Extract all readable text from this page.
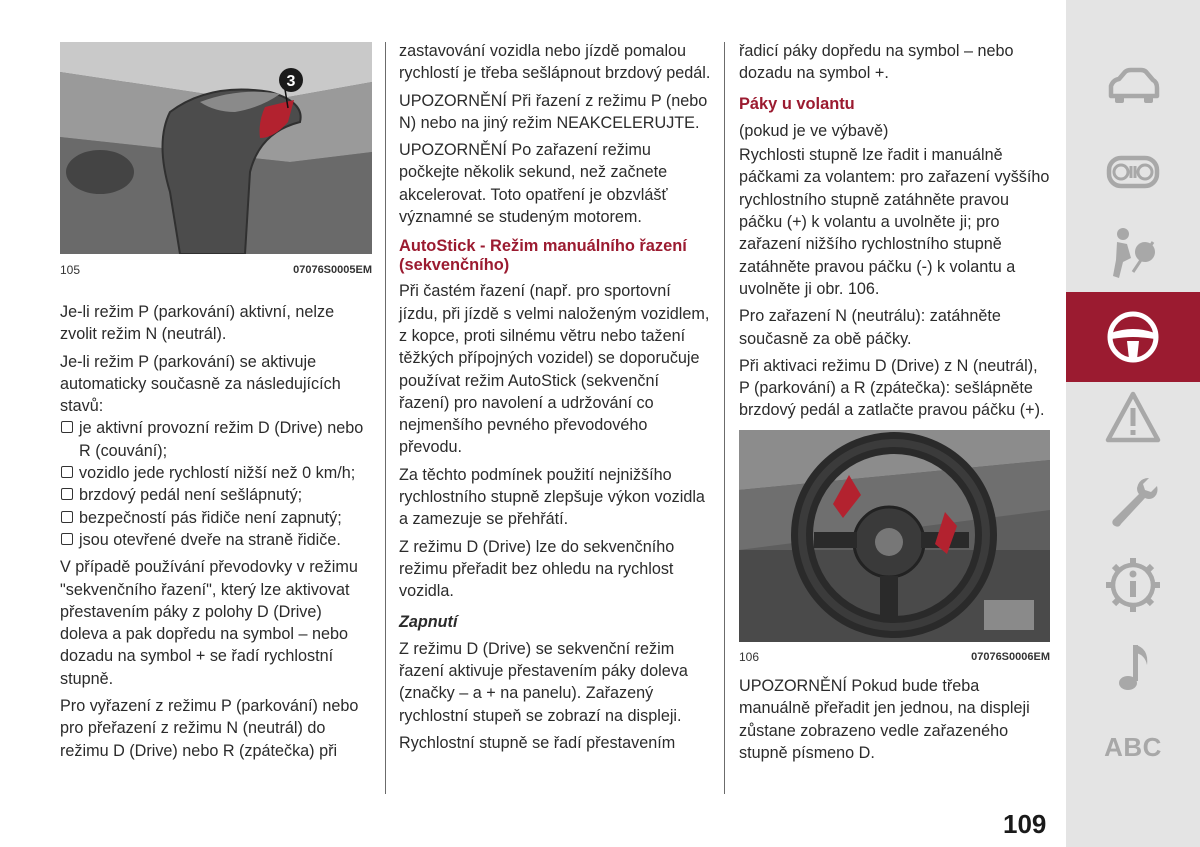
3
105	07076S0005EM

Je-li režim P (parkování) aktivní, nelze zvolit režim N (neutrál).

Je-li režim P (parkování) se aktivuje automaticky současně za následujících stavů:

je aktivní provozní režim D (Drive) nebo R (couvání);
vozidlo jede rychlostí nižší než 0 km/h;
brzdový pedál není sešlápnutý;
bezpečností pás řidiče není zapnutý;
jsou otevřené dveře na straně řidiče.

V případě používání převodovky v režimu "sekvenčního řazení", který lze aktivovat přestavením páky z polohy D (Drive) doleva a pak dopředu na symbol – nebo dozadu na symbol + se řadí rychlostní stupně.

Pro vyřazení z režimu P (parkování) nebo pro přeřazení z režimu N (neutrál) do režimu D (Drive) nebo R (zpátečka) při

zastavování vozidla nebo jízdě pomalou rychlostí je třeba sešlápnout brzdový pedál.

UPOZORNĚNÍ Při řazení z režimu P (nebo N) nebo na jiný režim NEAKCELERUJTE.

UPOZORNĚNÍ Po zařazení režimu počkejte několik sekund, než začnete akcelerovat. Toto opatření je obzvlášť významné se studeným motorem.

AutoStick - Režim manuálního řazení (sekvenčního)

Při častém řazení (např. pro sportovní jízdu, při jízdě s velmi naloženým vozidlem, z kopce, proti silnému větru nebo tažení těžkých přípojných vozidel) se doporučuje používat režim AutoStick (sekvenční řazení) pro navolení a udržování co nejmenšího pevného převodového převodu.

Za těchto podmínek použití nejnižšího rychlostního stupně zlepšuje výkon vozidla a zamezuje se přehřátí.

Z režimu D (Drive) lze do sekvenčního režimu přeřadit bez ohledu na rychlost vozidla.

Zapnutí

Z režimu D (Drive) se sekvenční režim řazení aktivuje přestavením páky doleva (značky – a + na panelu). Zařazený rychlostní stupeň se zobrazí na displeji.

Rychlostní stupně se řadí přestavením

řadicí páky dopředu na symbol – nebo dozadu na symbol +.

Páky u volantu

(pokud je ve výbavě)

Rychlosti stupně lze řadit i manuálně páčkami za volantem: pro zařazení vyššího rychlostního stupně zatáhněte pravou páčku (+) k volantu a uvolněte ji; pro zařazení nižšího rychlostního stupně zatáhněte pravou páčku (-) k volantu a uvolněte ji obr. 106.

Pro zařazení N (neutrálu): zatáhněte současně za obě páčky.

Při aktivaci režimu D (Drive) z N (neutrál), P (parkování) a R (zpátečka): sešlápněte brzdový pedál a zatlačte pravou páčku (+).

106	07076S0006EM

UPOZORNĚNÍ Pokud bude třeba manuálně přeřadit jen jednou, na displeji zůstane zobrazeno vedle zařazeného stupně písmeno D.

109
ABC
